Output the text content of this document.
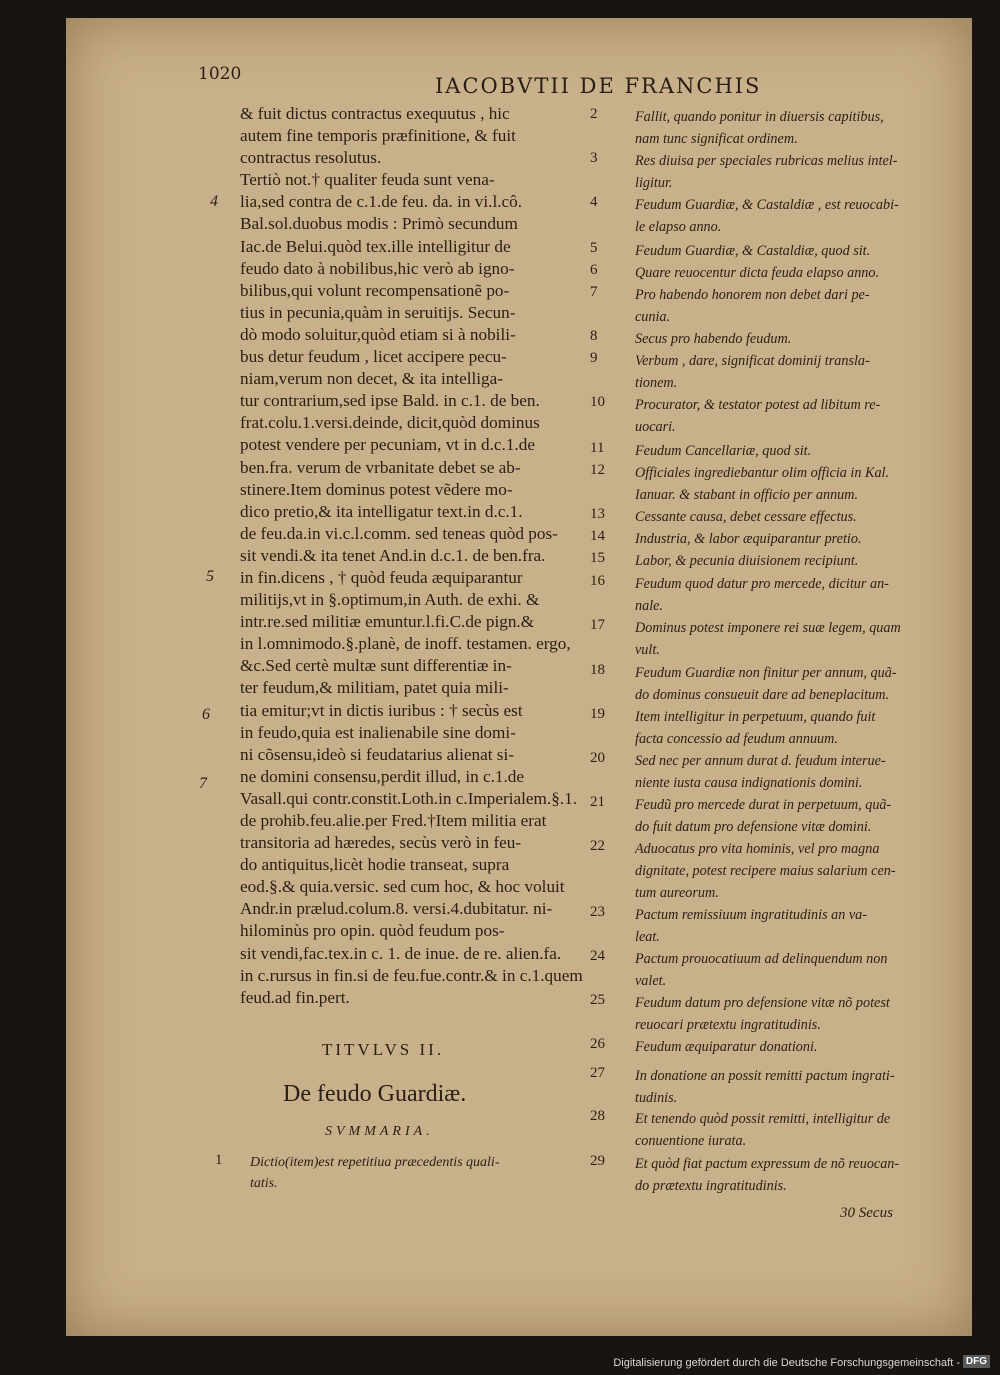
1020	IACOBVTII DE FRANCHIS
& fuit dictus contractus exequutus , hic
autem fine temporis præfinitione, & fuit
contractus resolutus.
Tertiò not.† qualiter feuda sunt vena-
lia,sed contra de c.1.de feu. da. in vi.l.cô.
Bal.sol.duobus modis : Primò secundum
Iac.de Belui.quòd tex.ille intelligitur de
feudo dato à nobilibus,hic verò ab igno-
bilibus,qui volunt recompensationẽ po-
tius in pecunia,quàm in seruitijs. Secun-
dò modo soluitur,quòd etiam si à nobili-
bus detur feudum , licet accipere pecu-
niam,verum non decet, & ita intelliga-
tur contrarium,sed ipse Bald. in c.1. de ben.
frat.colu.1.versi.deinde, dicit,quòd dominus
potest vendere per pecuniam, vt in d.c.1.de
ben.fra. verum de vrbanitate debet se ab-
stinere.Item dominus potest vẽdere mo-
dico pretio,& ita intelligatur text.in d.c.1.
de feu.da.in vi.c.l.comm. sed teneas quòd pos-
sit vendi.& ita tenet And.in d.c.1. de ben.fra.
in fin.dicens , † quòd feuda æquiparantur
militijs,vt in §.optimum,in Auth. de exhi. &
intr.re.sed militiæ emuntur.l.fi.C.de pign.&
in l.omnimodo.§.planè, de inoff. testamen. ergo,
&c.Sed certè multæ sunt differentiæ in-
ter feudum,& militiam, patet quia mili-
tia emitur;vt in dictis iuribus : † secùs est
in feudo,quia est inalienabile sine domi-
ni cõsensu,ideò si feudatarius alienat si-
ne domini consensu,perdit illud, in c.1.de
Vasall.qui contr.constit.Loth.in c.Imperialem.§.1.
de prohib.feu.alie.per Fred.†Item militia erat
transitoria ad hæredes, secùs verò in feu-
do antiquitus,licèt hodie transeat, supra
eod.§.& quia.versic. sed cum hoc, & hoc voluit
Andr.in prælud.colum.8. versi.4.dubitatur. ni-
hilominùs pro opin. quòd feudum pos-
sit vendi,fac.tex.in c. 1. de inue. de re. alien.fa.
in c.rursus in fin.si de feu.fue.contr.& in c.1.quem
feud.ad fin.pert.
4
5
6
7
TITVLVS II.
De feudo Guardiæ.
SVMMARIA.
1 Dictio(item)est repetitiua præcedentis quali-
tatis.
2	Fallit, quando ponitur in diuersis capitibus,
nam tunc significat ordinem.
3	Res diuisa per speciales rubricas melius intel-
ligitur.
4	Feudum Guardiæ, & Castaldiæ , est reuocabi-
le elapso anno.
5	Feudum Guardiæ, & Castaldiæ, quod sit.
6	Quare reuocentur dicta feuda elapso anno.
7	Pro habendo honorem non debet dari pe-
cunia.
8	Secus pro habendo feudum.
9	Verbum , dare, significat dominij transla-
tionem.
10 Procurator, & testator potest ad libitum re-
uocari.
11 Feudum Cancellariæ, quod sit.
12 Officiales ingrediebantur olim officia in Kal.
Ianuar. & stabant in officio per annum.
13 Cessante causa, debet cessare effectus.
14 Industria, & labor æquiparantur pretio.
15 Labor, & pecunia diuisionem recipiunt.
16 Feudum quod datur pro mercede, dicitur an-
nale.
17 Dominus potest imponere rei suæ legem, quam
vult.
18 Feudum Guardiæ non finitur per annum, quã-
do dominus consueuit dare ad beneplacitum.
19 Item intelligitur in perpetuum, quando fuit
facta concessio ad feudum annuum.
20 Sed nec per annum durat d. feudum interue-
niente iusta causa indignationis domini.
21 Feudũ pro mercede durat in perpetuum, quã-
do fuit datum pro defensione vitæ domini.
22 Aduocatus pro vita hominis, vel pro magna
dignitate, potest recipere maius salarium cen-
tum aureorum.
23 Pactum remissiuum ingratitudinis an va-
leat.
24 Pactum prouocatiuum ad delinquendum non
valet.
25 Feudum datum pro defensione vitæ nõ potest
reuocari prætextu ingratitudinis.
26 Feudum æquiparatur donationi.
27 In donatione an possit remitti pactum ingrati-
tudinis.
28 Et tenendo quòd possit remitti, intelligitur de
conuentione iurata.
29 Et quòd fiat pactum expressum de nõ reuocan-
do prætextu ingratitudinis.
30 Secus
Digitalisierung gefördert durch die Deutsche Forschungsgemeinschaft - DFG
